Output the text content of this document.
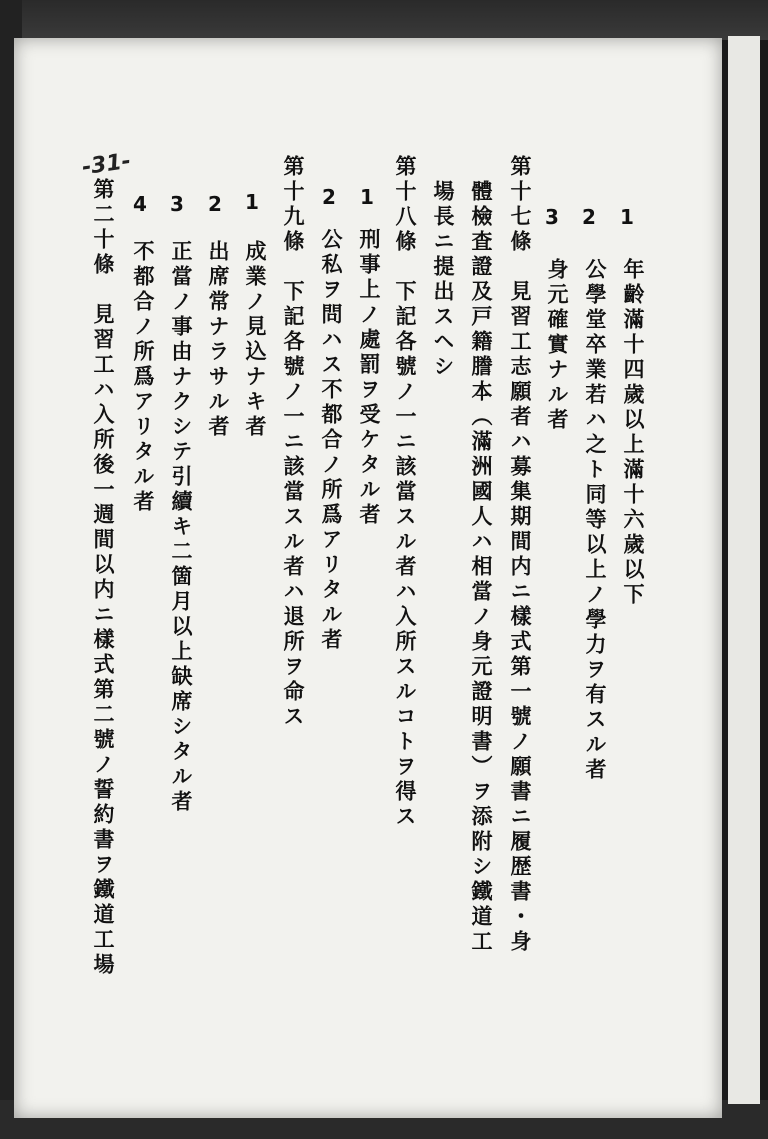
-31-
1
年齡滿十四歲以上滿十六歲以下
2
公學堂卒業若ハ之ト同等以上ノ學力ヲ有スル者
3
身元確實ナル者
第十七條　見習工志願者ハ募集期間内ニ樣式第一號ノ願書ニ履歴書・身
體檢査證及戸籍謄本（滿洲國人ハ相當ノ身元證明書）ヲ添附シ鐵道工
場長ニ提出スヘシ
第十八條　下記各號ノ一ニ該當スル者ハ入所スルコトヲ得ス
1
刑事上ノ處罰ヲ受ケタル者
2
公私ヲ問ハス不都合ノ所爲アリタル者
第十九條　下記各號ノ一ニ該當スル者ハ退所ヲ命ス
1
成業ノ見込ナキ者
2
出席常ナラサル者
3
正當ノ事由ナクシテ引續キ二箇月以上缺席シタル者
4
不都合ノ所爲アリタル者
第二十條　見習工ハ入所後一週間以内ニ樣式第二號ノ誓約書ヲ鐵道工場
